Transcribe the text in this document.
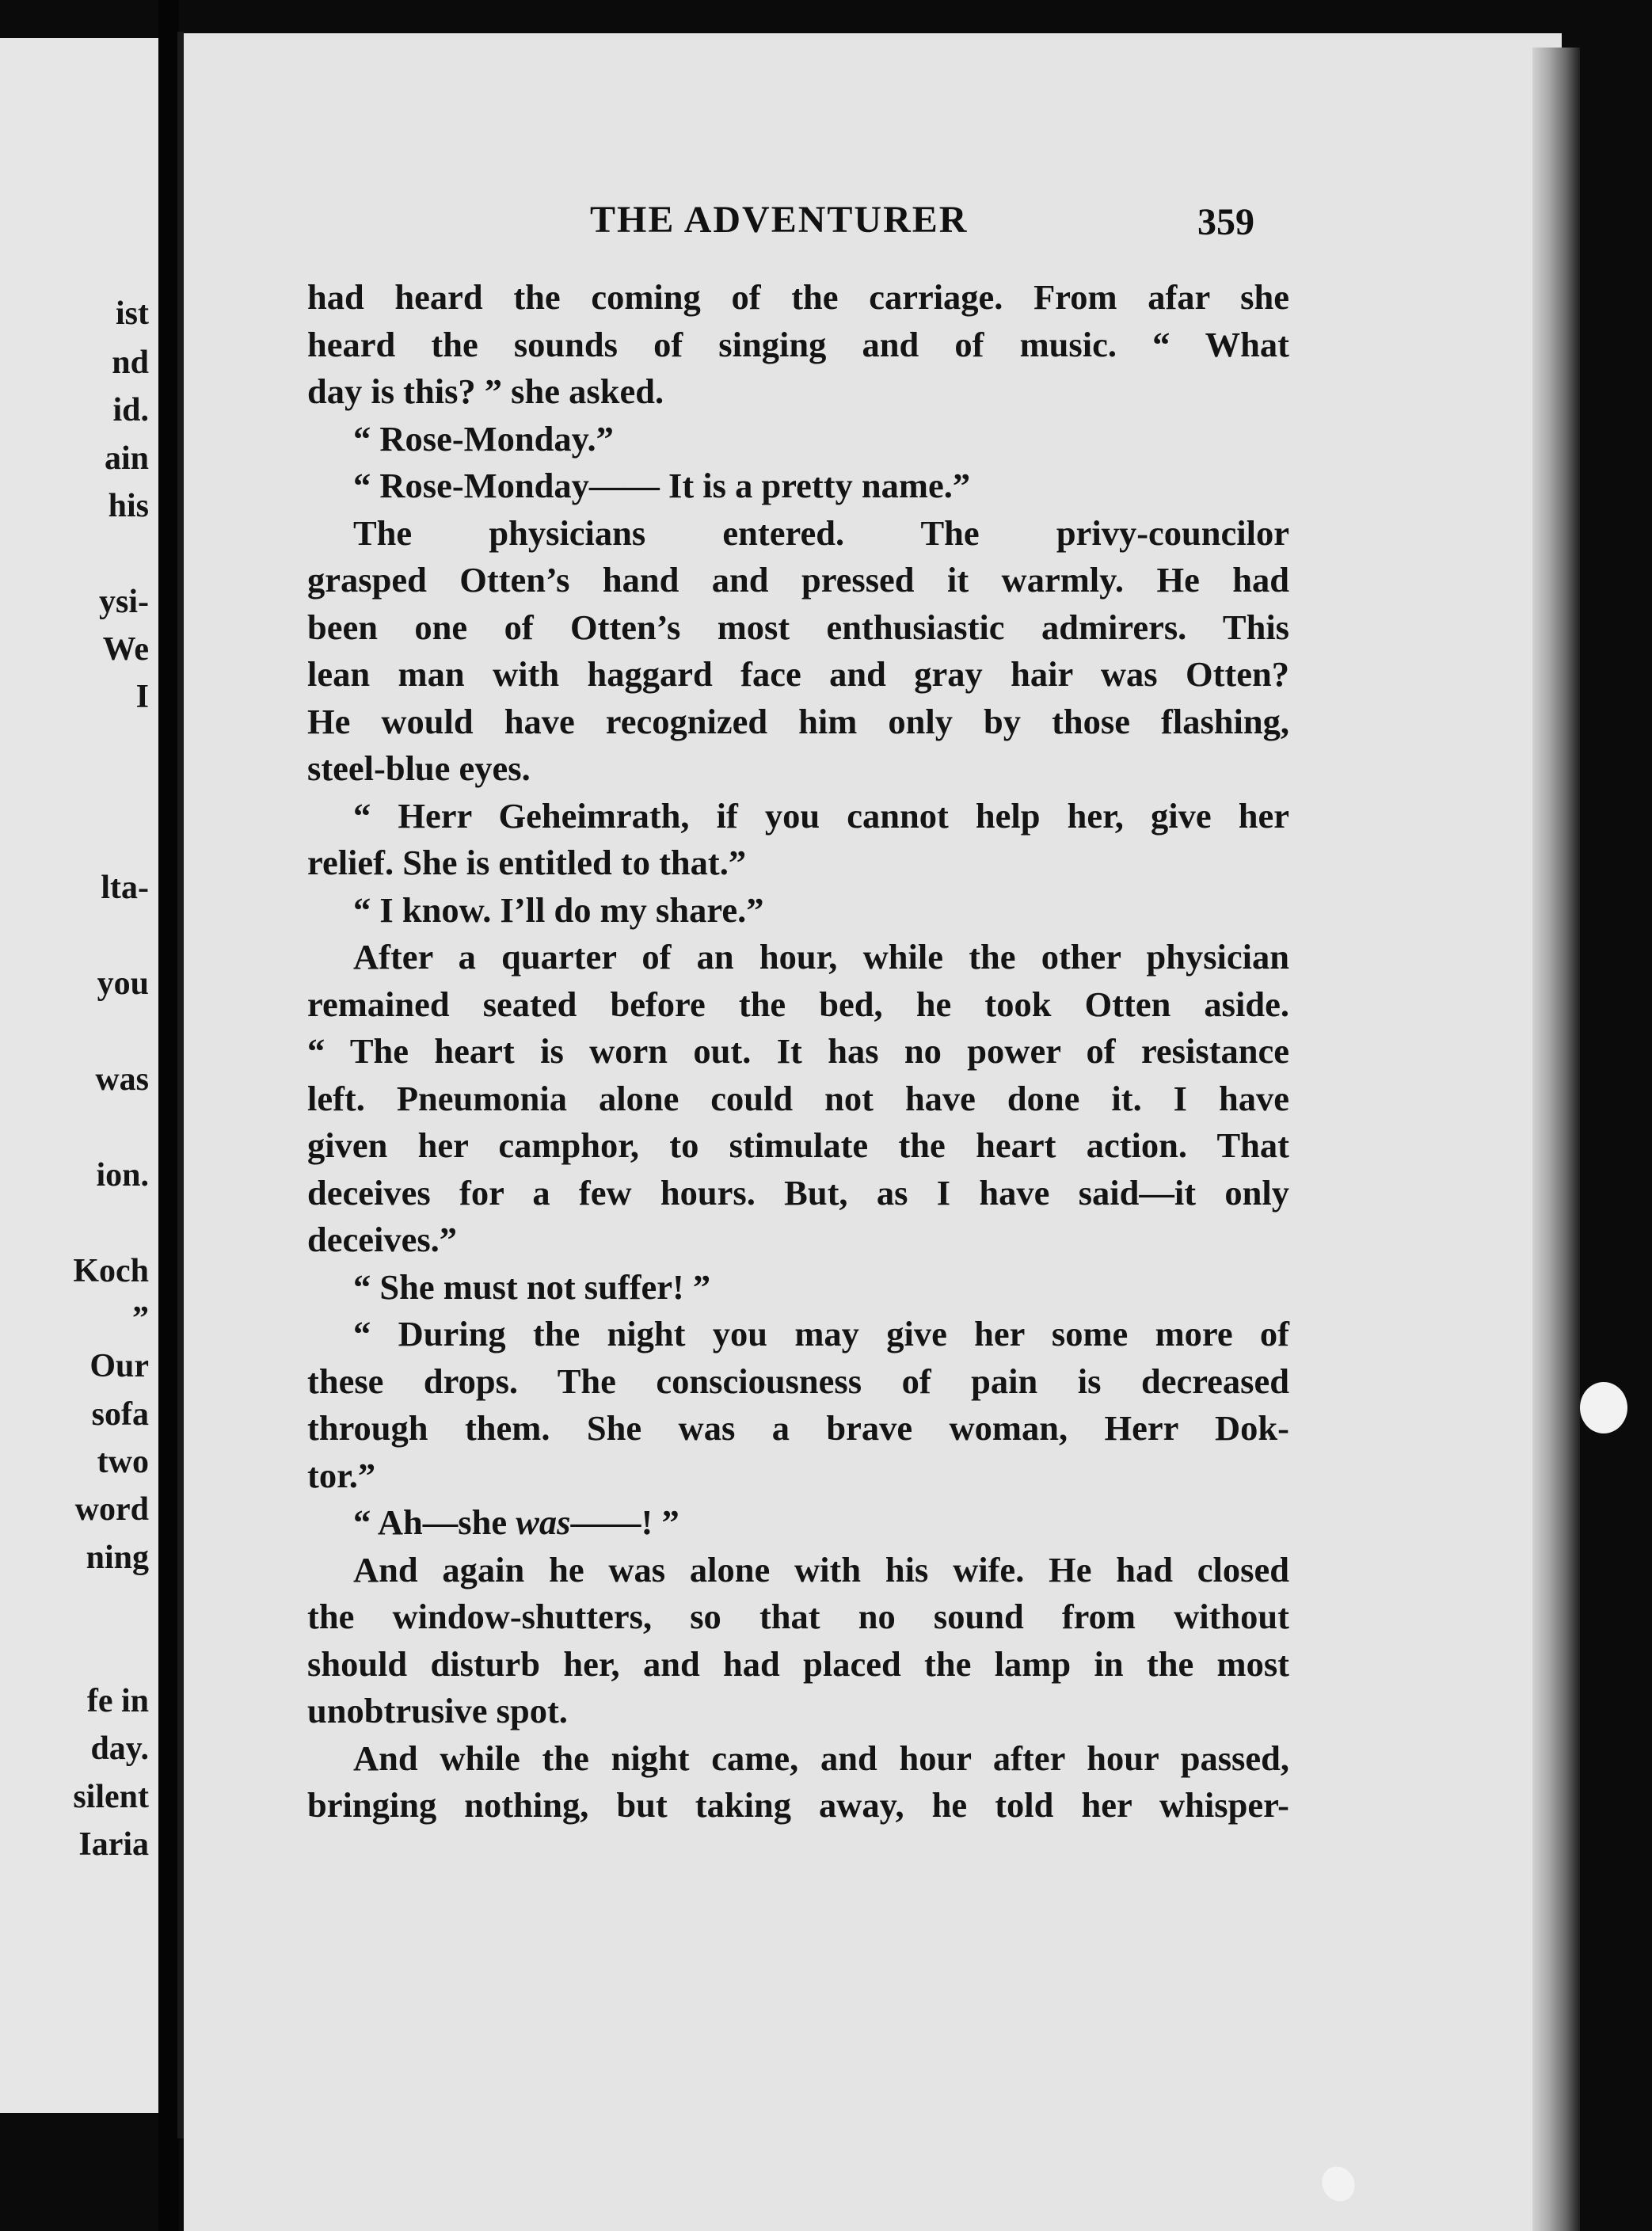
ist
nd
id.
ain
his
ysi-
We
I
lta-
you
was
ion.
Koch
”
Our
sofa
two
word
ning
fe in
day.
silent
Iaria
THE ADVENTURER	359
had heard the coming of the carriage. From afar she
heard the sounds of singing and of music. “ What
day is this? ” she asked.
“ Rose-Monday.”
“ Rose-Monday—— It is a pretty name.”
The physicians entered. The privy-councilor
grasped Otten’s hand and pressed it warmly. He had
been one of Otten’s most enthusiastic admirers. This
lean man with haggard face and gray hair was Otten?
He would have recognized him only by those flashing,
steel-blue eyes.
“ Herr Geheimrath, if you cannot help her, give her
relief. She is entitled to that.”
“ I know. I’ll do my share.”
After a quarter of an hour, while the other physician
remained seated before the bed, he took Otten aside.
“ The heart is worn out. It has no power of resistance
left. Pneumonia alone could not have done it. I have
given her camphor, to stimulate the heart action. That
deceives for a few hours. But, as I have said—it only
deceives.”
“ She must not suffer! ”
“ During the night you may give her some more of
these drops. The consciousness of pain is decreased
through them. She was a brave woman, Herr Dok-
tor.”
“ Ah—she was——! ”
And again he was alone with his wife. He had closed
the window-shutters, so that no sound from without
should disturb her, and had placed the lamp in the most
unobtrusive spot.
And while the night came, and hour after hour passed,
bringing nothing, but taking away, he told her whisper-
